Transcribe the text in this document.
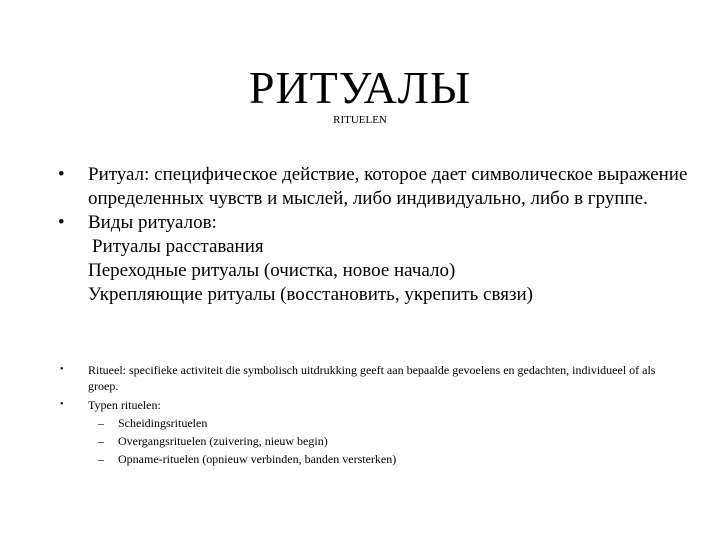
РИТУАЛЫ
RITUELEN
•	Ритуал: специфическое действие, которое дает символическое выражение определенных чувств и мыслей, либо индивидуально, либо в группе.
•	Виды ритуалов:
Ритуалы расставания
Переходные ритуалы (очистка, новое начало)
Укрепляющие ритуалы (восстановить, укрепить связи)
•	Ritueel: specifieke activiteit die symbolisch uitdrukking geeft aan bepaalde gevoelens en gedachten, individueel of als groep.
•	Typen rituelen:
– Scheidingsrituelen
– Overgangsrituelen (zuivering, nieuw begin)
– Opname-rituelen (opnieuw verbinden, banden versterken)
